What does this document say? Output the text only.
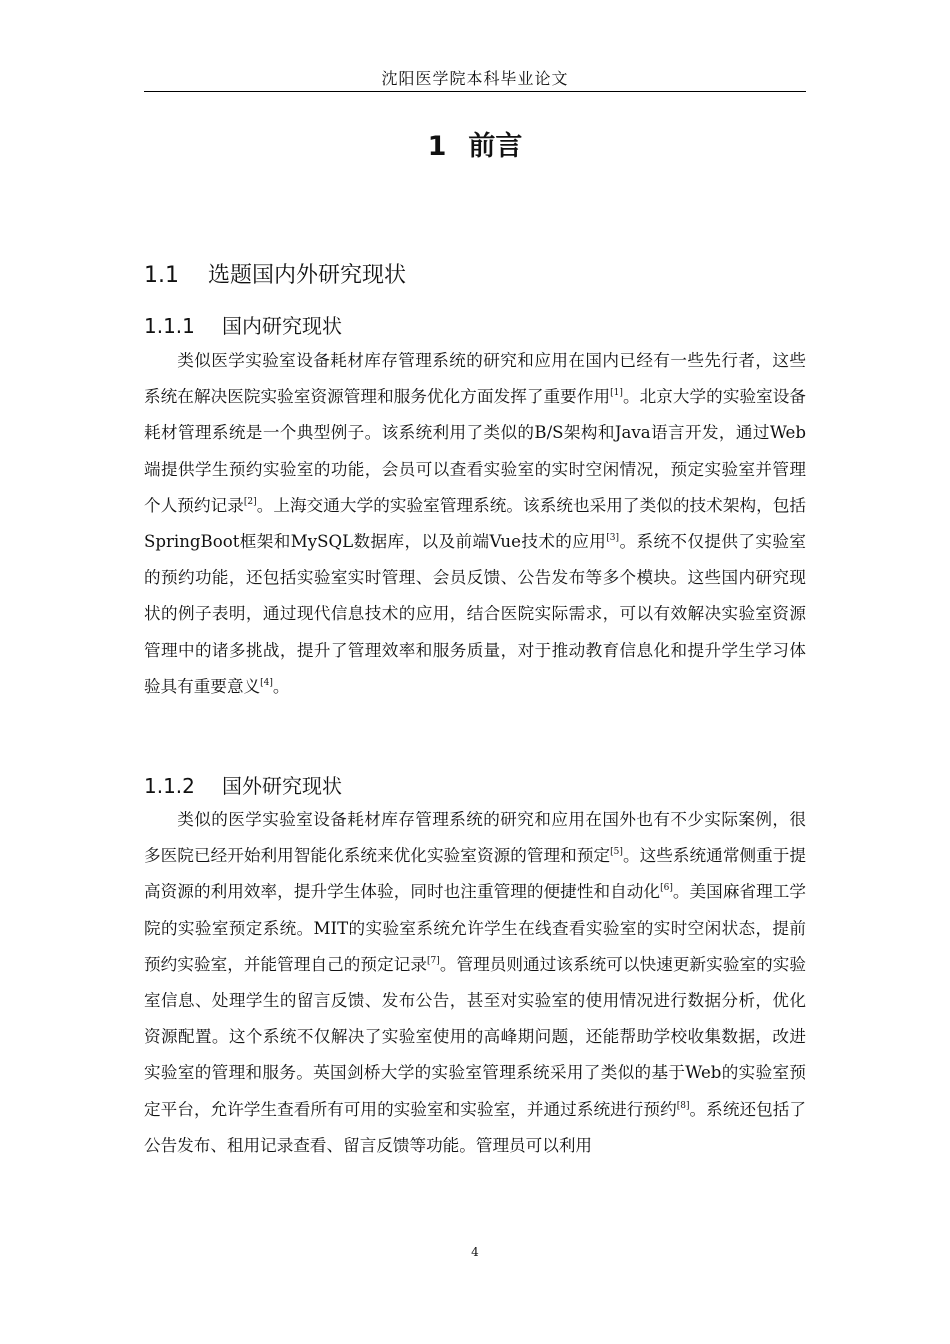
沈阳医学院本科毕业论文
1 前言
1.1 选题国内外研究现状
1.1.1 国内研究现状

类似医学实验室设备耗材库存管理系统的研究和应用在国内已经有一些先行者，这些系统在解决医院实验室资源管理和服务优化方面发挥了重要作用[1]。北京大学的实验室设备耗材管理系统是一个典型例子。该系统利用了类似的B/S架构和Java语言开发，通过Web端提供学生预约实验室的功能，会员可以查看实验室的实时空闲情况，预定实验室并管理个人预约记录[2]。上海交通大学的实验室管理系统。该系统也采用了类似的技术架构，包括SpringBoot框架和MySQL数据库，以及前端Vue技术的应用[3]。系统不仅提供了实验室的预约功能，还包括实验室实时管理、会员反馈、公告发布等多个模块。这些国内研究现状的例子表明，通过现代信息技术的应用，结合医院实际需求，可以有效解决实验室资源管理中的诸多挑战，提升了管理效率和服务质量，对于推动教育信息化和提升学生学习体验具有重要意义[4]。

1.1.2 国外研究现状

类似的医学实验室设备耗材库存管理系统的研究和应用在国外也有不少实际案例，很多医院已经开始利用智能化系统来优化实验室资源的管理和预定[5]。这些系统通常侧重于提高资源的利用效率，提升学生体验，同时也注重管理的便捷性和自动化[6]。美国麻省理工学院的实验室预定系统。MIT的实验室系统允许学生在线查看实验室的实时空闲状态，提前预约实验室，并能管理自己的预定记录[7]。管理员则通过该系统可以快速更新实验室的实验室信息、处理学生的留言反馈、发布公告，甚至对实验室的使用情况进行数据分析，优化资源配置。这个系统不仅解决了实验室使用的高峰期问题，还能帮助学校收集数据，改进实验室的管理和服务。英国剑桥大学的实验室管理系统采用了类似的基于Web的实验室预定平台，允许学生查看所有可用的实验室和实验室，并通过系统进行预约[8]。系统还包括了公告发布、租用记录查看、留言反馈等功能。管理员可以利用

4
